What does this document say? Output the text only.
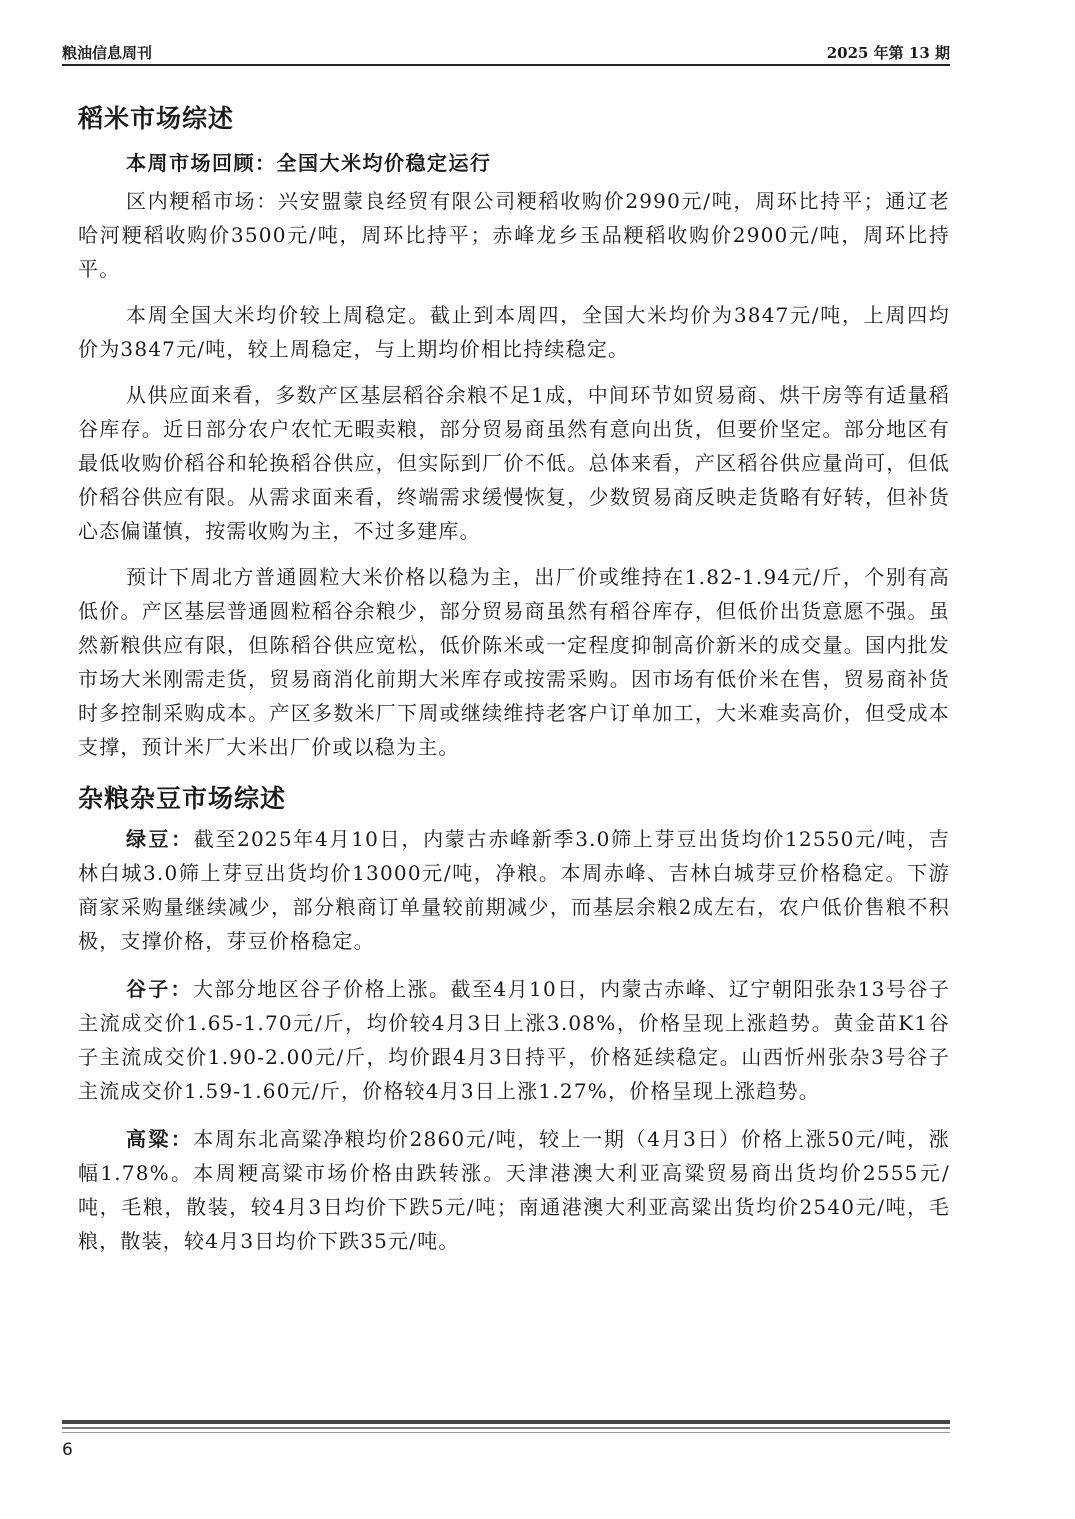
粮油信息周刊	2025 年第 13 期
稻米市场综述
本周市场回顾：全国大米均价稳定运行

区内粳稻市场：兴安盟蒙良经贸有限公司粳稻收购价2990元/吨，周环比持平；通辽老哈河粳稻收购价3500元/吨，周环比持平；赤峰龙乡玉品粳稻收购价2900元/吨，周环比持平。

本周全国大米均价较上周稳定。截止到本周四，全国大米均价为3847元/吨，上周四均价为3847元/吨，较上周稳定，与上期均价相比持续稳定。

从供应面来看，多数产区基层稻谷余粮不足1成，中间环节如贸易商、烘干房等有适量稻谷库存。近日部分农户农忙无暇卖粮，部分贸易商虽然有意向出货，但要价坚定。部分地区有最低收购价稻谷和轮换稻谷供应，但实际到厂价不低。总体来看，产区稻谷供应量尚可，但低价稻谷供应有限。从需求面来看，终端需求缓慢恢复，少数贸易商反映走货略有好转，但补货心态偏谨慎，按需收购为主，不过多建库。

预计下周北方普通圆粒大米价格以稳为主，出厂价或维持在1.82-1.94元/斤，个别有高低价。产区基层普通圆粒稻谷余粮少，部分贸易商虽然有稻谷库存，但低价出货意愿不强。虽然新粮供应有限，但陈稻谷供应宽松，低价陈米或一定程度抑制高价新米的成交量。国内批发市场大米刚需走货，贸易商消化前期大米库存或按需采购。因市场有低价米在售，贸易商补货时多控制采购成本。产区多数米厂下周或继续维持老客户订单加工，大米难卖高价，但受成本支撑，预计米厂大米出厂价或以稳为主。

杂粮杂豆市场综述

绿豆：截至2025年4月10日，内蒙古赤峰新季3.0筛上芽豆出货均价12550元/吨，吉林白城3.0筛上芽豆出货均价13000元/吨，净粮。本周赤峰、吉林白城芽豆价格稳定。下游商家采购量继续减少，部分粮商订单量较前期减少，而基层余粮2成左右，农户低价售粮不积极，支撑价格，芽豆价格稳定。

谷子：大部分地区谷子价格上涨。截至4月10日，内蒙古赤峰、辽宁朝阳张杂13号谷子主流成交价1.65-1.70元/斤，均价较4月3日上涨3.08%，价格呈现上涨趋势。黄金苗K1谷子主流成交价1.90-2.00元/斤，均价跟4月3日持平，价格延续稳定。山西忻州张杂3号谷子主流成交价1.59-1.60元/斤，价格较4月3日上涨1.27%，价格呈现上涨趋势。

高粱：本周东北高粱净粮均价2860元/吨，较上一期（4月3日）价格上涨50元/吨，涨幅1.78%。本周粳高粱市场价格由跌转涨。天津港澳大利亚高粱贸易商出货均价2555元/吨，毛粮，散装，较4月3日均价下跌5元/吨；南通港澳大利亚高粱出货均价2540元/吨，毛粮，散装，较4月3日均价下跌35元/吨。

6
